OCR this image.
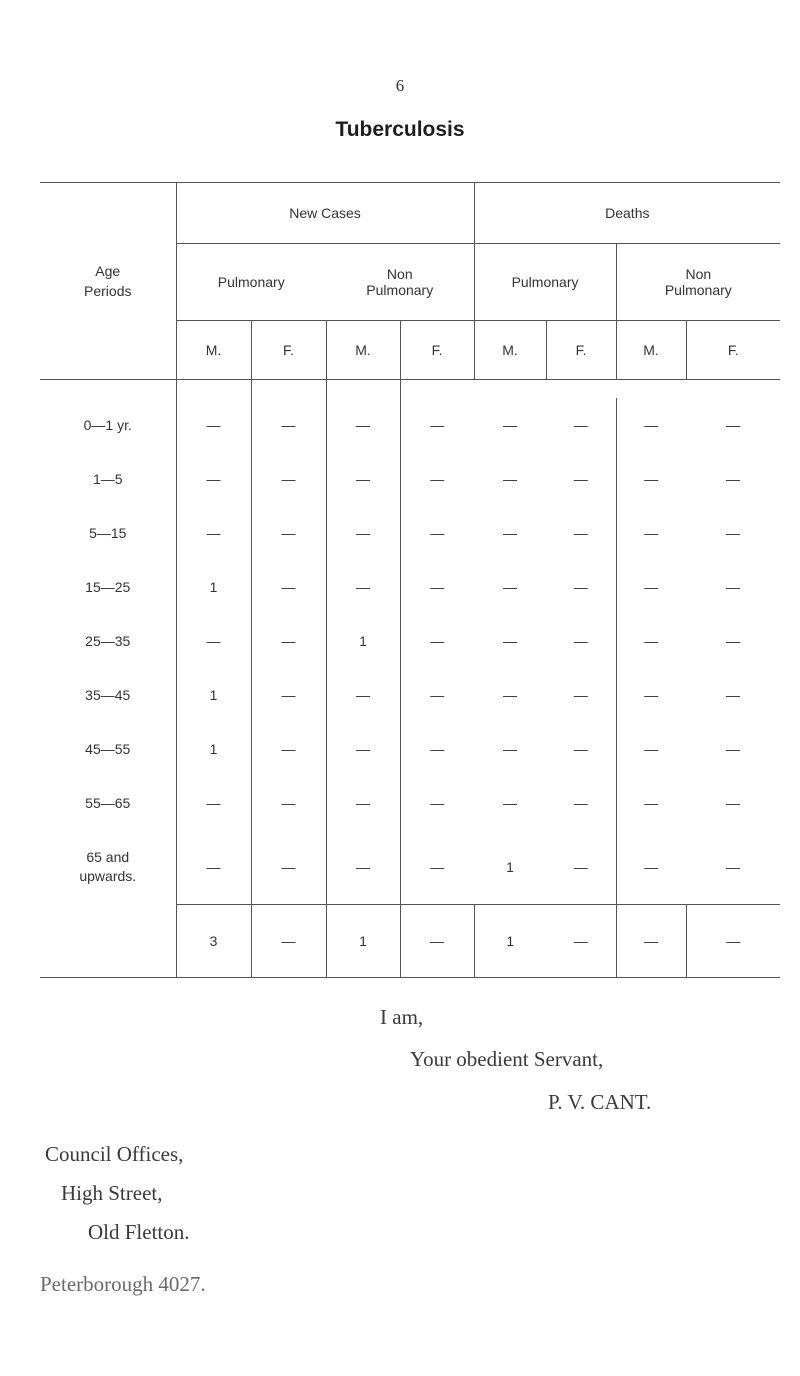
6
Tuberculosis
Age
Periods	New Cases				Deaths			
	Pulmonary		Non
Pulmonary		Pulmonary		Non
Pulmonary	
	M.	F.	M.	F.	M.	F.	M.	F.

0—1 yr.	—	—	—	—	—	—	—	—
1—5	—	—	—	—	—	—	—	—
5—15	—	—	—	—	—	—	—	—
15—25	1	—	—	—	—	—	—	—
25—35	—	—	1	—	—	—	—	—
35—45	1	—	—	—	—	—	—	—
45—55	1	—	—	—	—	—	—	—
55—65	—	—	—	—	—	—	—	—
65 and
upwards.	—	—	—	—	1	—	—	—
	3	—	1	—	1	—	—	—
I am,
Your obedient Servant,
P. V. CANT.
Council Offices,
High Street,
Old Fletton.
Peterborough 4027.
